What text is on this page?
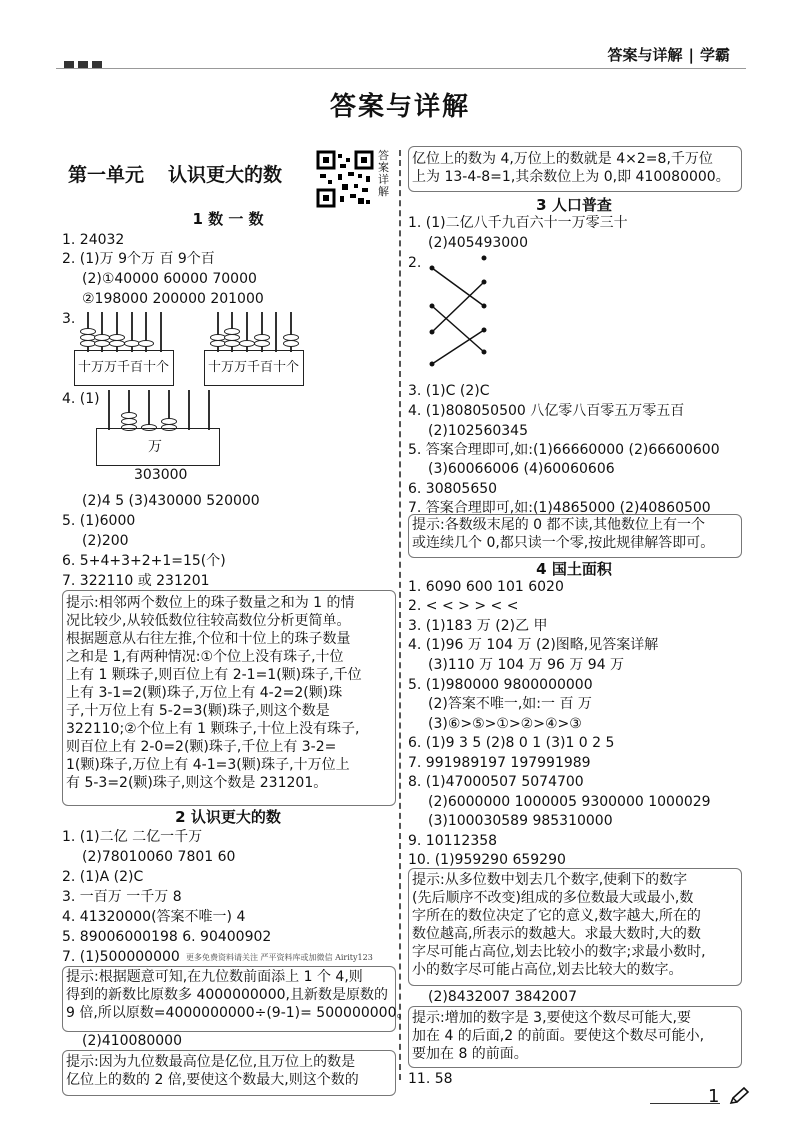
答案与详解 | 学霸
答案与详解
第一单元 认识更大的数
答案详解
1 数 一 数
1. 24032
2. (1)万 9个万 百 9个百
(2)①40000 60000 70000
②198000 200000 201000
3.
十万万千百十个	十万万千百十个
4. (1)
万
303000
(2)4 5 (3)430000 520000
5. (1)6000
(2)200
6. 5+4+3+2+1=15(个)
7. 322110 或 231201
提示:相邻两个数位上的珠子数量之和为 1 的情
况比较少,从较低数位往较高数位分析更简单。
根据题意从右往左推,个位和十位上的珠子数量
之和是 1,有两种情况:①个位上没有珠子,十位
上有 1 颗珠子,则百位上有 2-1=1(颗)珠子,千位
上有 3-1=2(颗)珠子,万位上有 4-2=2(颗)珠
子,十万位上有 5-2=3(颗)珠子,则这个数是
322110;②个位上有 1 颗珠子,十位上没有珠子,
则百位上有 2-0=2(颗)珠子,千位上有 3-2=
1(颗)珠子,万位上有 4-1=3(颗)珠子,十万位上
有 5-3=2(颗)珠子,则这个数是 231201。
2 认识更大的数
1. (1)二亿 二亿一千万
(2)78010060 7801 60
2. (1)A (2)C
3. 一百万 一千万 8
4. 41320000(答案不唯一) 4
5. 89006000198 6. 90400902
7. (1)500000000 更多免费资料请关注 严平资料库或加微信 Airity123
提示:根据题意可知,在九位数前面添上 1 个 4,则
得到的新数比原数多 4000000000,且新数是原数的
9 倍,所以原数=4000000000÷(9-1)= 500000000。
(2)410080000
提示:因为九位数最高位是亿位,且万位上的数是
亿位上的数的 2 倍,要使这个数最大,则这个数的
亿位上的数为 4,万位上的数就是 4×2=8,千万位
上为 13-4-8=1,其余数位上为 0,即 410080000。
3 人口普查
1. (1)二亿八千九百六十一万零三十
(2)405493000
2.
3. (1)C (2)C
4. (1)808050500 八亿零八百零五万零五百
(2)102560345
5. 答案合理即可,如:(1)66660000 (2)66600600
(3)60066006 (4)60060606
6. 30805650
7. 答案合理即可,如:(1)4865000 (2)40860500
提示:各数级末尾的 0 都不读,其他数位上有一个
或连续几个 0,都只读一个零,按此规律解答即可。
4 国土面积
1. 6090 600 101 6020
2. < < > > < <
3. (1)183 万 (2)乙 甲
4. (1)96 万 104 万 (2)图略,见答案详解
(3)110 万 104 万 96 万 94 万
5. (1)980000 9800000000
(2)答案不唯一,如:一 百 万
(3)⑥>⑤>①>②>④>③
6. (1)9 3 5 (2)8 0 1 (3)1 0 2 5
7. 991989197 197991989
8. (1)47000507 5074700
(2)6000000 1000005 9300000 1000029
(3)100030589 985310000
9. 10112358
10. (1)959290 659290
提示:从多位数中划去几个数字,使剩下的数字
(先后顺序不改变)组成的多位数最大或最小,数
字所在的数位决定了它的意义,数字越大,所在的
数位越高,所表示的数越大。求最大数时,大的数
字尽可能占高位,划去比较小的数字;求最小数时,
小的数字尽可能占高位,划去比较大的数字。
(2)8432007 3842007
提示:增加的数字是 3,要使这个数尽可能大,要
加在 4 的后面,2 的前面。要使这个数尽可能小,
要加在 8 的前面。
11. 58
1
